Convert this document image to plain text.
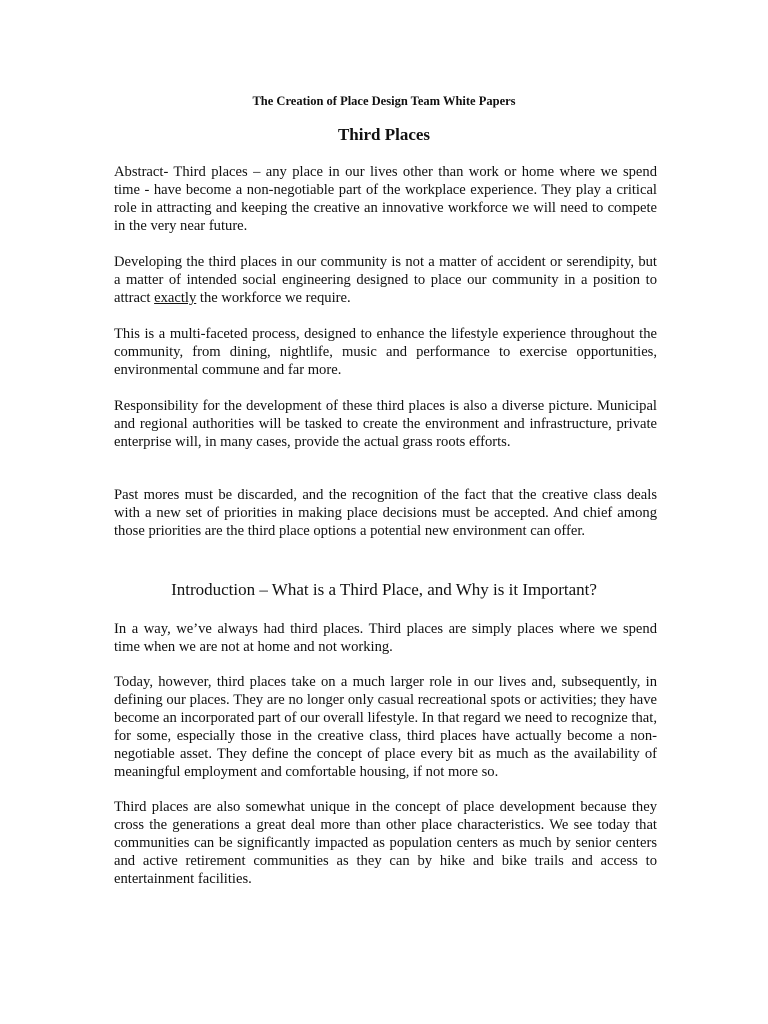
The Creation of Place Design Team White Papers
Third Places

Abstract- Third places – any place in our lives other than work or home where we spend time - have become a non-negotiable part of the workplace experience. They play a critical role in attracting and keeping the creative an innovative workforce we will need to compete in the very near future.

Developing the third places in our community is not a matter of accident or serendipity, but a matter of intended social engineering designed to place our community in a position to attract exactly the workforce we require.

This is a multi-faceted process, designed to enhance the lifestyle experience throughout the community, from dining, nightlife, music and performance to exercise opportunities, environmental commune and far more.

Responsibility for the development of these third places is also a diverse picture. Municipal and regional authorities will be tasked to create the environment and infrastructure, private enterprise will, in many cases, provide the actual grass roots efforts.

Past mores must be discarded, and the recognition of the fact that the creative class deals with a new set of priorities in making place decisions must be accepted. And chief among those priorities are the third place options a potential new environment can offer.

Introduction – What is a Third Place, and Why is it Important?

In a way, we’ve always had third places. Third places are simply places where we spend time when we are not at home and not working.

Today, however, third places take on a much larger role in our lives and, subsequently, in defining our places. They are no longer only casual recreational spots or activities; they have become an incorporated part of our overall lifestyle. In that regard we need to recognize that, for some, especially those in the creative class, third places have actually become a non-negotiable asset. They define the concept of place every bit as much as the availability of meaningful employment and comfortable housing, if not more so.

Third places are also somewhat unique in the concept of place development because they cross the generations a great deal more than other place characteristics. We see today that communities can be significantly impacted as population centers as much by senior centers and active retirement communities as they can by hike and bike trails and access to entertainment facilities.
